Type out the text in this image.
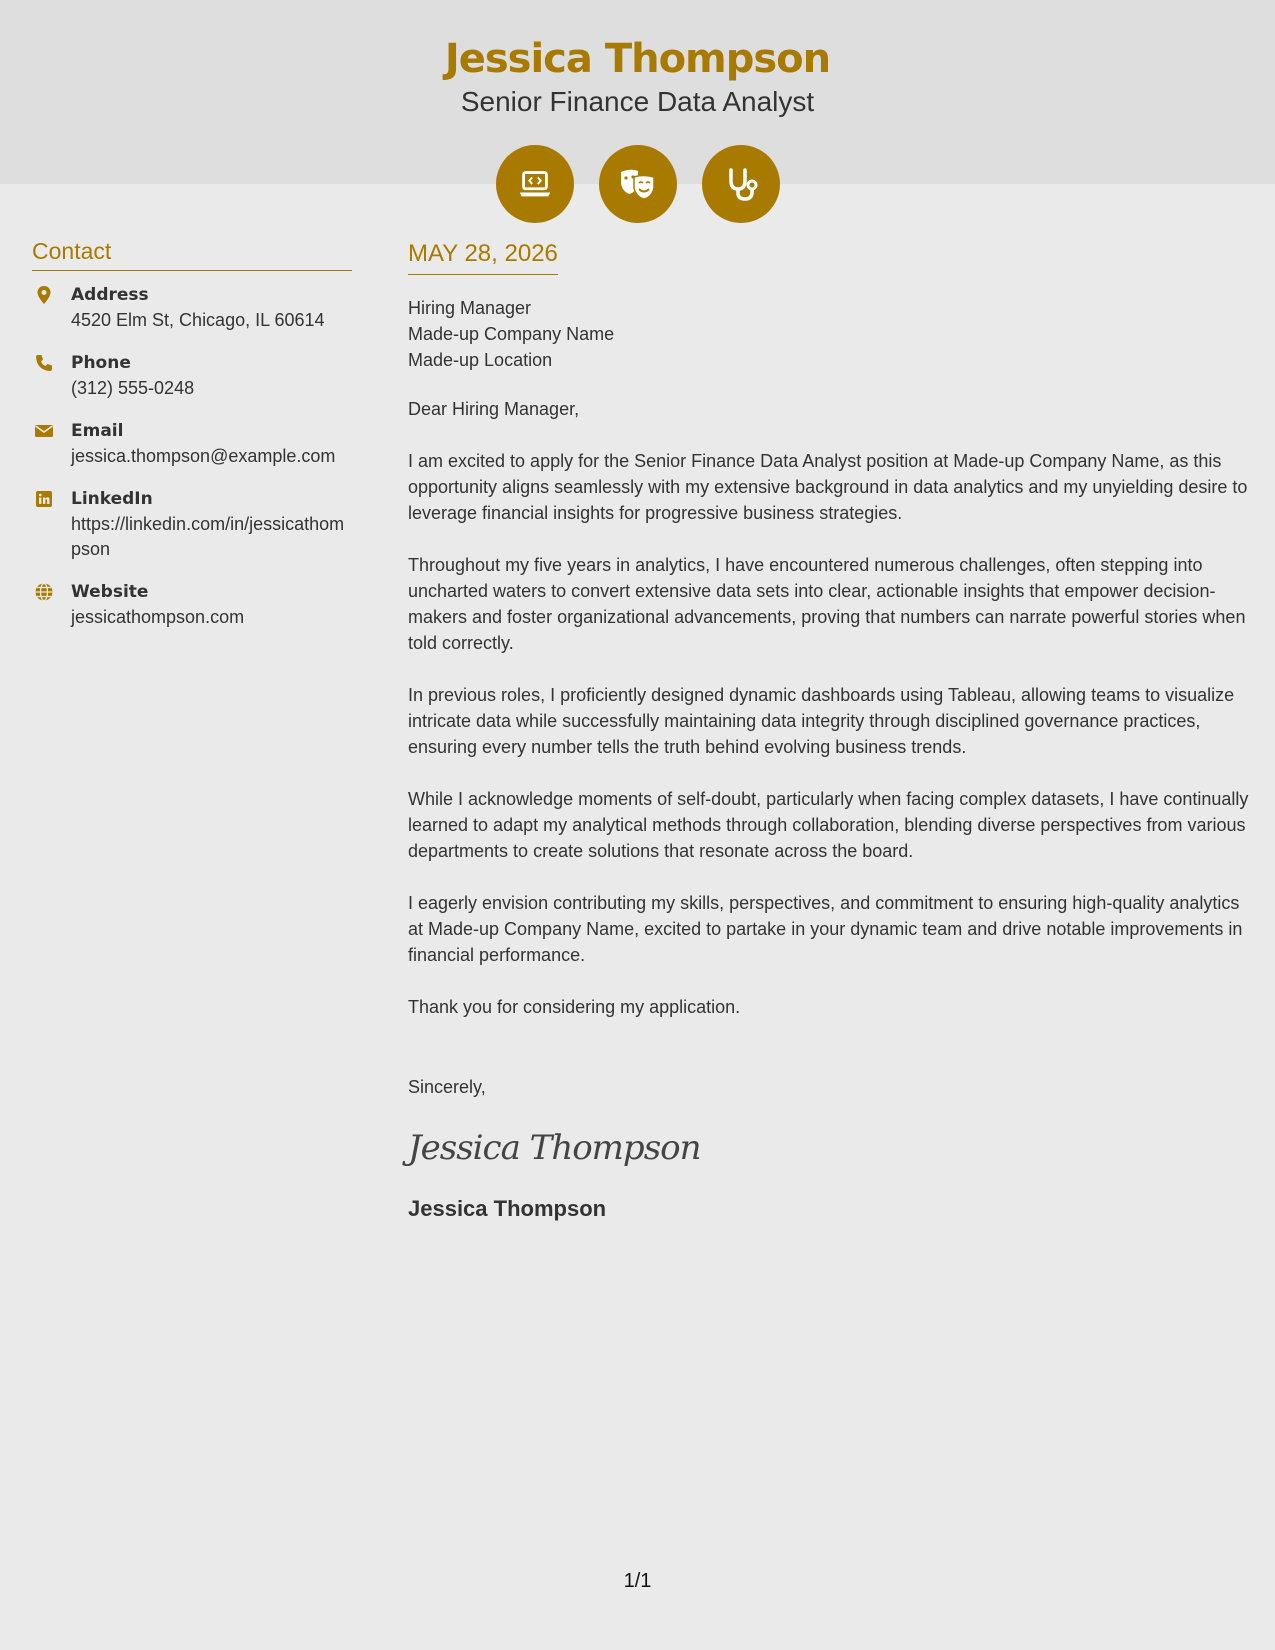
Jessica Thompson
Senior Finance Data Analyst
Contact
Address
4520 Elm St, Chicago, IL 60614
Phone
(312) 555-0248
Email
jessica.thompson@example.com
LinkedIn
https://linkedin.com/in/jessicathompson
Website
jessicathompson.com
MAY 28, 2026
Hiring Manager
Made-up Company Name
Made-up Location
Dear Hiring Manager,

I am excited to apply for the Senior Finance Data Analyst position at Made-up Company Name, as this opportunity aligns seamlessly with my extensive background in data analytics and my unyielding desire to leverage financial insights for progressive business strategies.

Throughout my five years in analytics, I have encountered numerous challenges, often stepping into uncharted waters to convert extensive data sets into clear, actionable insights that empower decision-makers and foster organizational advancements, proving that numbers can narrate powerful stories when told correctly.

In previous roles, I proficiently designed dynamic dashboards using Tableau, allowing teams to visualize intricate data while successfully maintaining data integrity through disciplined governance practices, ensuring every number tells the truth behind evolving business trends.

While I acknowledge moments of self-doubt, particularly when facing complex datasets, I have continually learned to adapt my analytical methods through collaboration, blending diverse perspectives from various departments to create solutions that resonate across the board.

I eagerly envision contributing my skills, perspectives, and commitment to ensuring high-quality analytics at Made-up Company Name, excited to partake in your dynamic team and drive notable improvements in financial performance.

Thank you for considering my application.

Sincerely,
Jessica Thompson
Jessica Thompson
1/1
